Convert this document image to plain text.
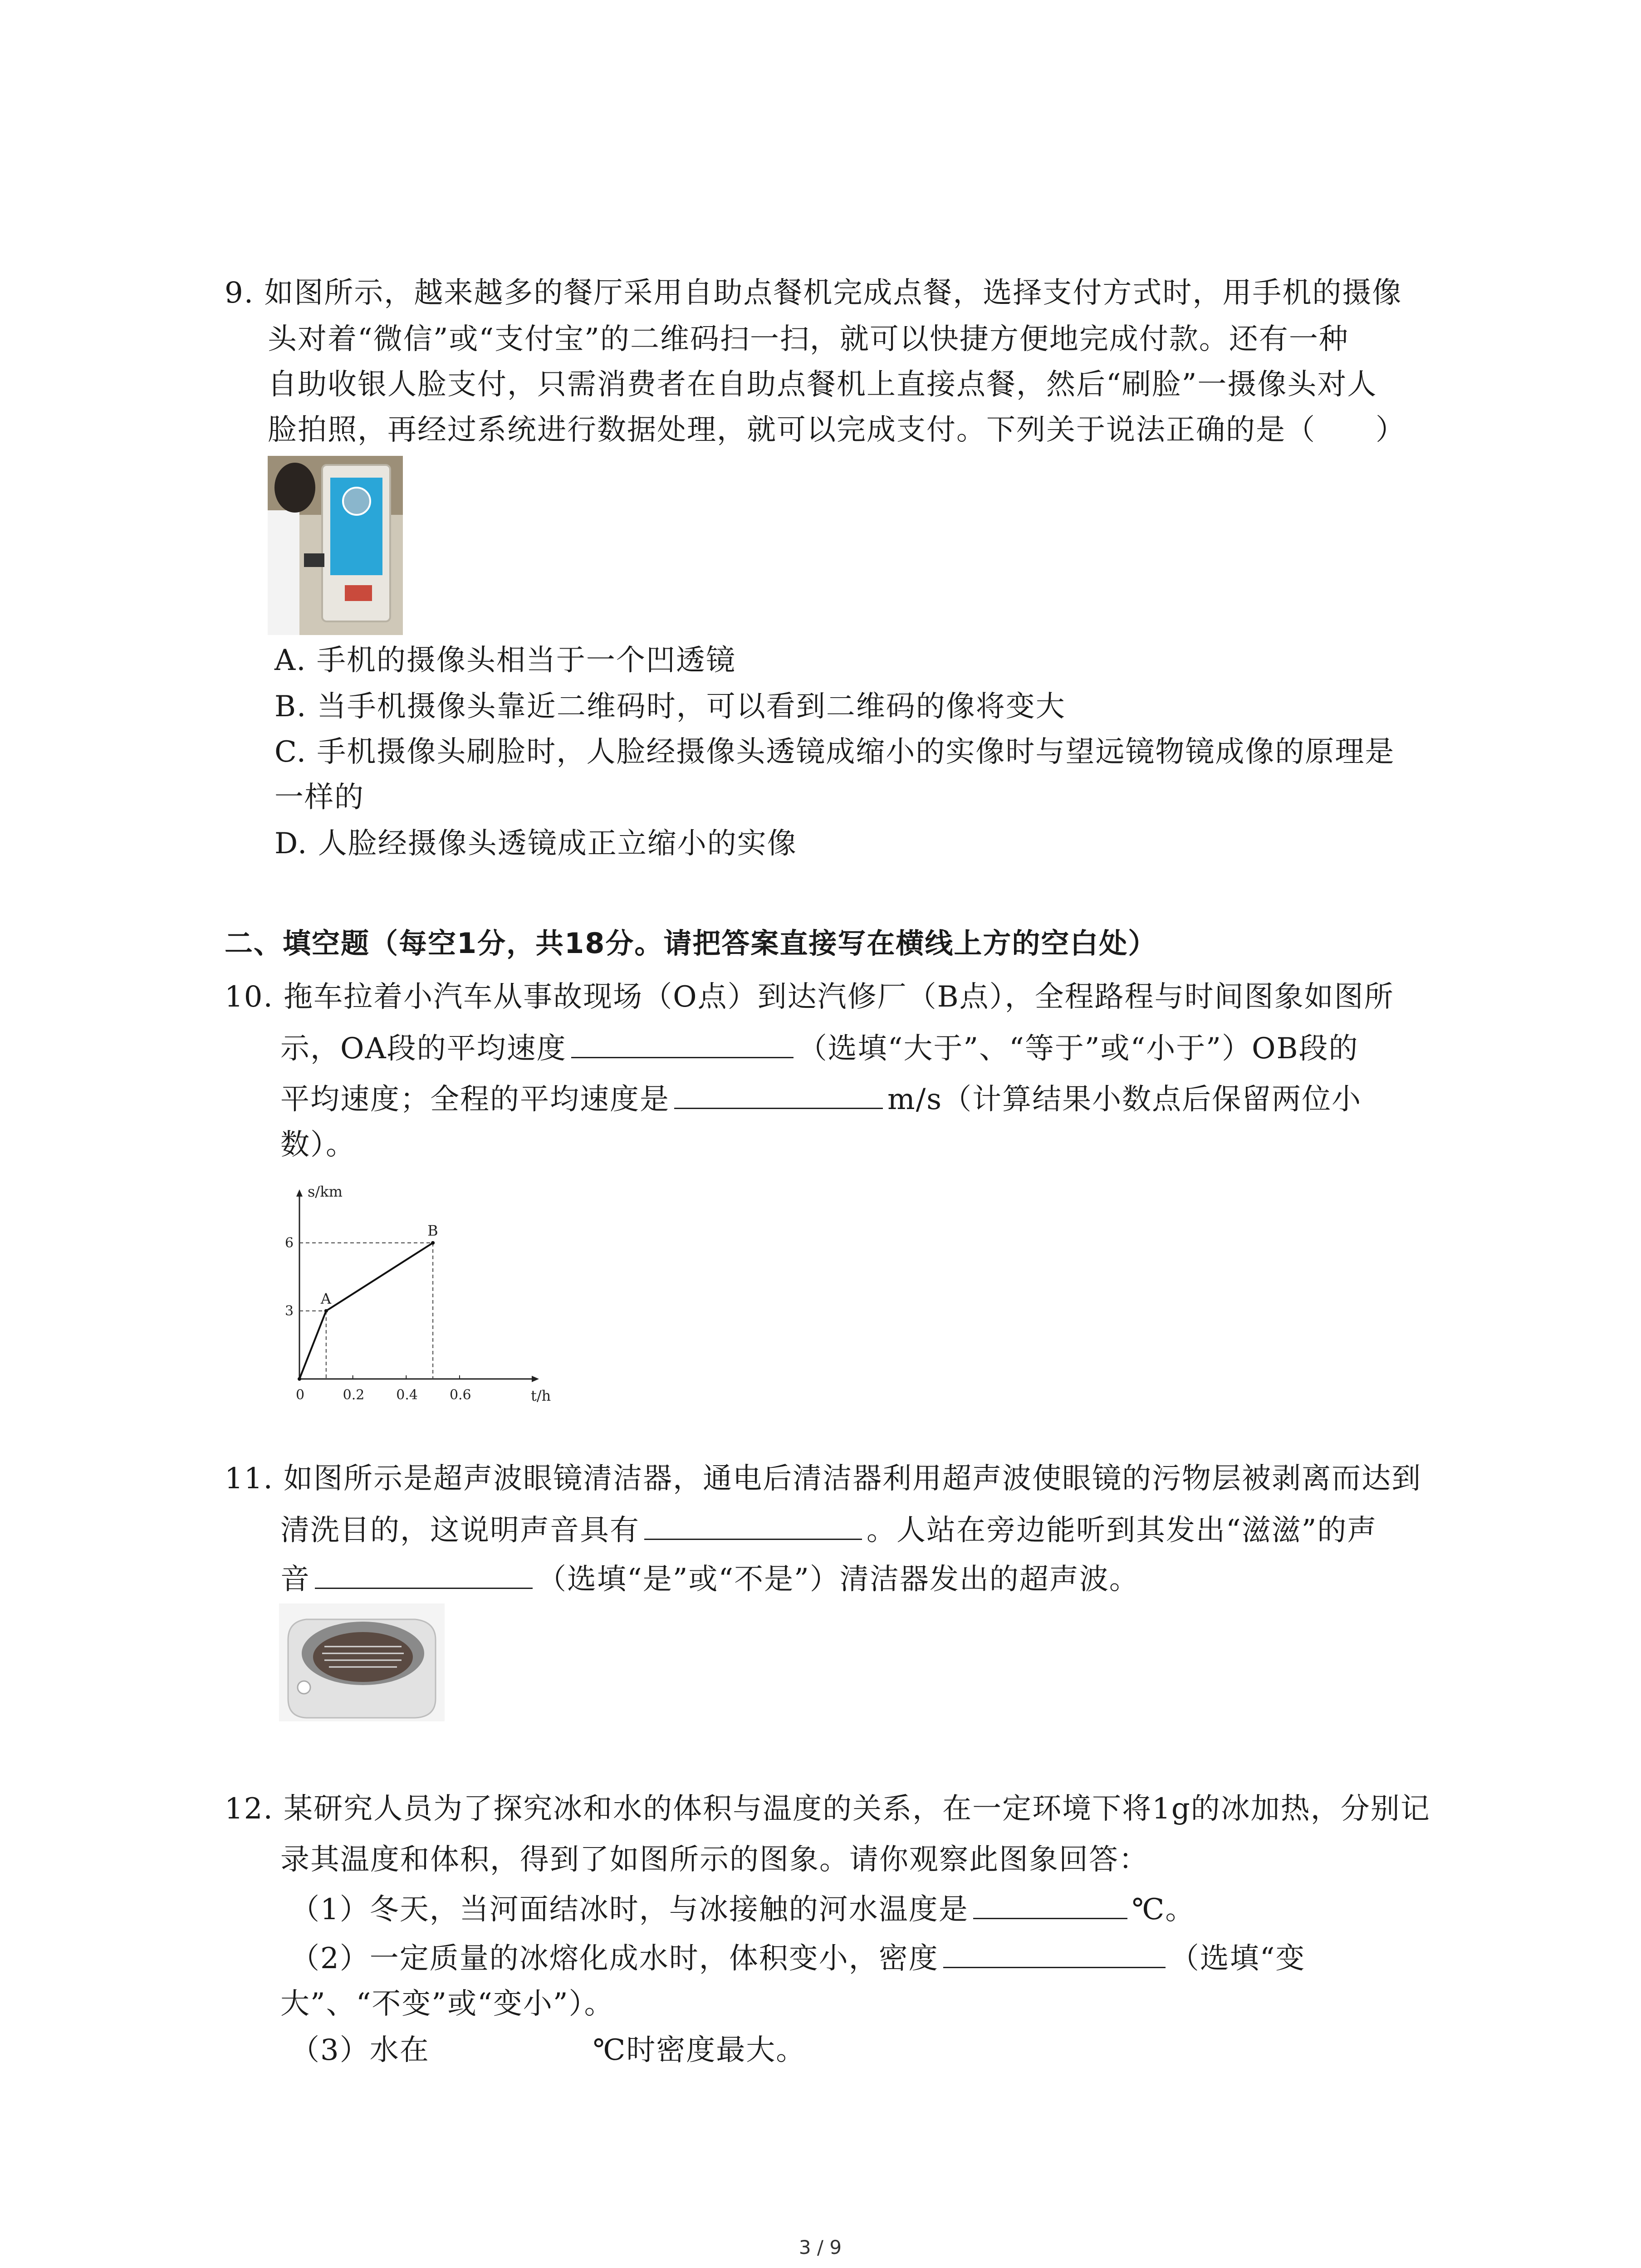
9. 如图所示，越来越多的餐厅采用自助点餐机完成点餐，选择支付方式时，用手机的摄像
头对着“微信”或“支付宝”的二维码扫一扫，就可以快捷方便地完成付款。还有一种
自助收银人脸支付，只需消费者在自助点餐机上直接点餐，然后“刷脸”一摄像头对人
脸拍照，再经过系统进行数据处理，就可以完成支付。下列关于说法正确的是（　　）
A. 手机的摄像头相当于一个凹透镜
B. 当手机摄像头靠近二维码时，可以看到二维码的像将变大
C. 手机摄像头刷脸时，人脸经摄像头透镜成缩小的实像时与望远镜物镜成像的原理是
一样的
D. 人脸经摄像头透镜成正立缩小的实像
二、填空题（每空1分，共18分。请把答案直接写在横线上方的空白处）
10. 拖车拉着小汽车从事故现场（O点）到达汽修厂（B点），全程路程与时间图象如图所
示，OA段的平均速度	（选填“大于”、“等于”或“小于”）OB段的
平均速度；全程的平均速度是	m/s（计算结果小数点后保留两位小
数）。
t/h
s/km
0	0.2 0.4 0.6
3
6
A
B
11. 如图所示是超声波眼镜清洁器，通电后清洁器利用超声波使眼镜的污物层被剥离而达到
清洗目的，这说明声音具有	。人站在旁边能听到其发出“滋滋”的声
音	（选填“是”或“不是”）清洁器发出的超声波。
12. 某研究人员为了探究冰和水的体积与温度的关系，在一定环境下将1g的冰加热，分别记
录其温度和体积，得到了如图所示的图象。请你观察此图象回答：
（1）冬天，当河面结冰时，与冰接触的河水温度是	℃。
（2）一定质量的冰熔化成水时，体积变小，密度	（选填“变
大”、“不变”或“变小”）。
（3）水在	℃时密度最大。
3 / 9
